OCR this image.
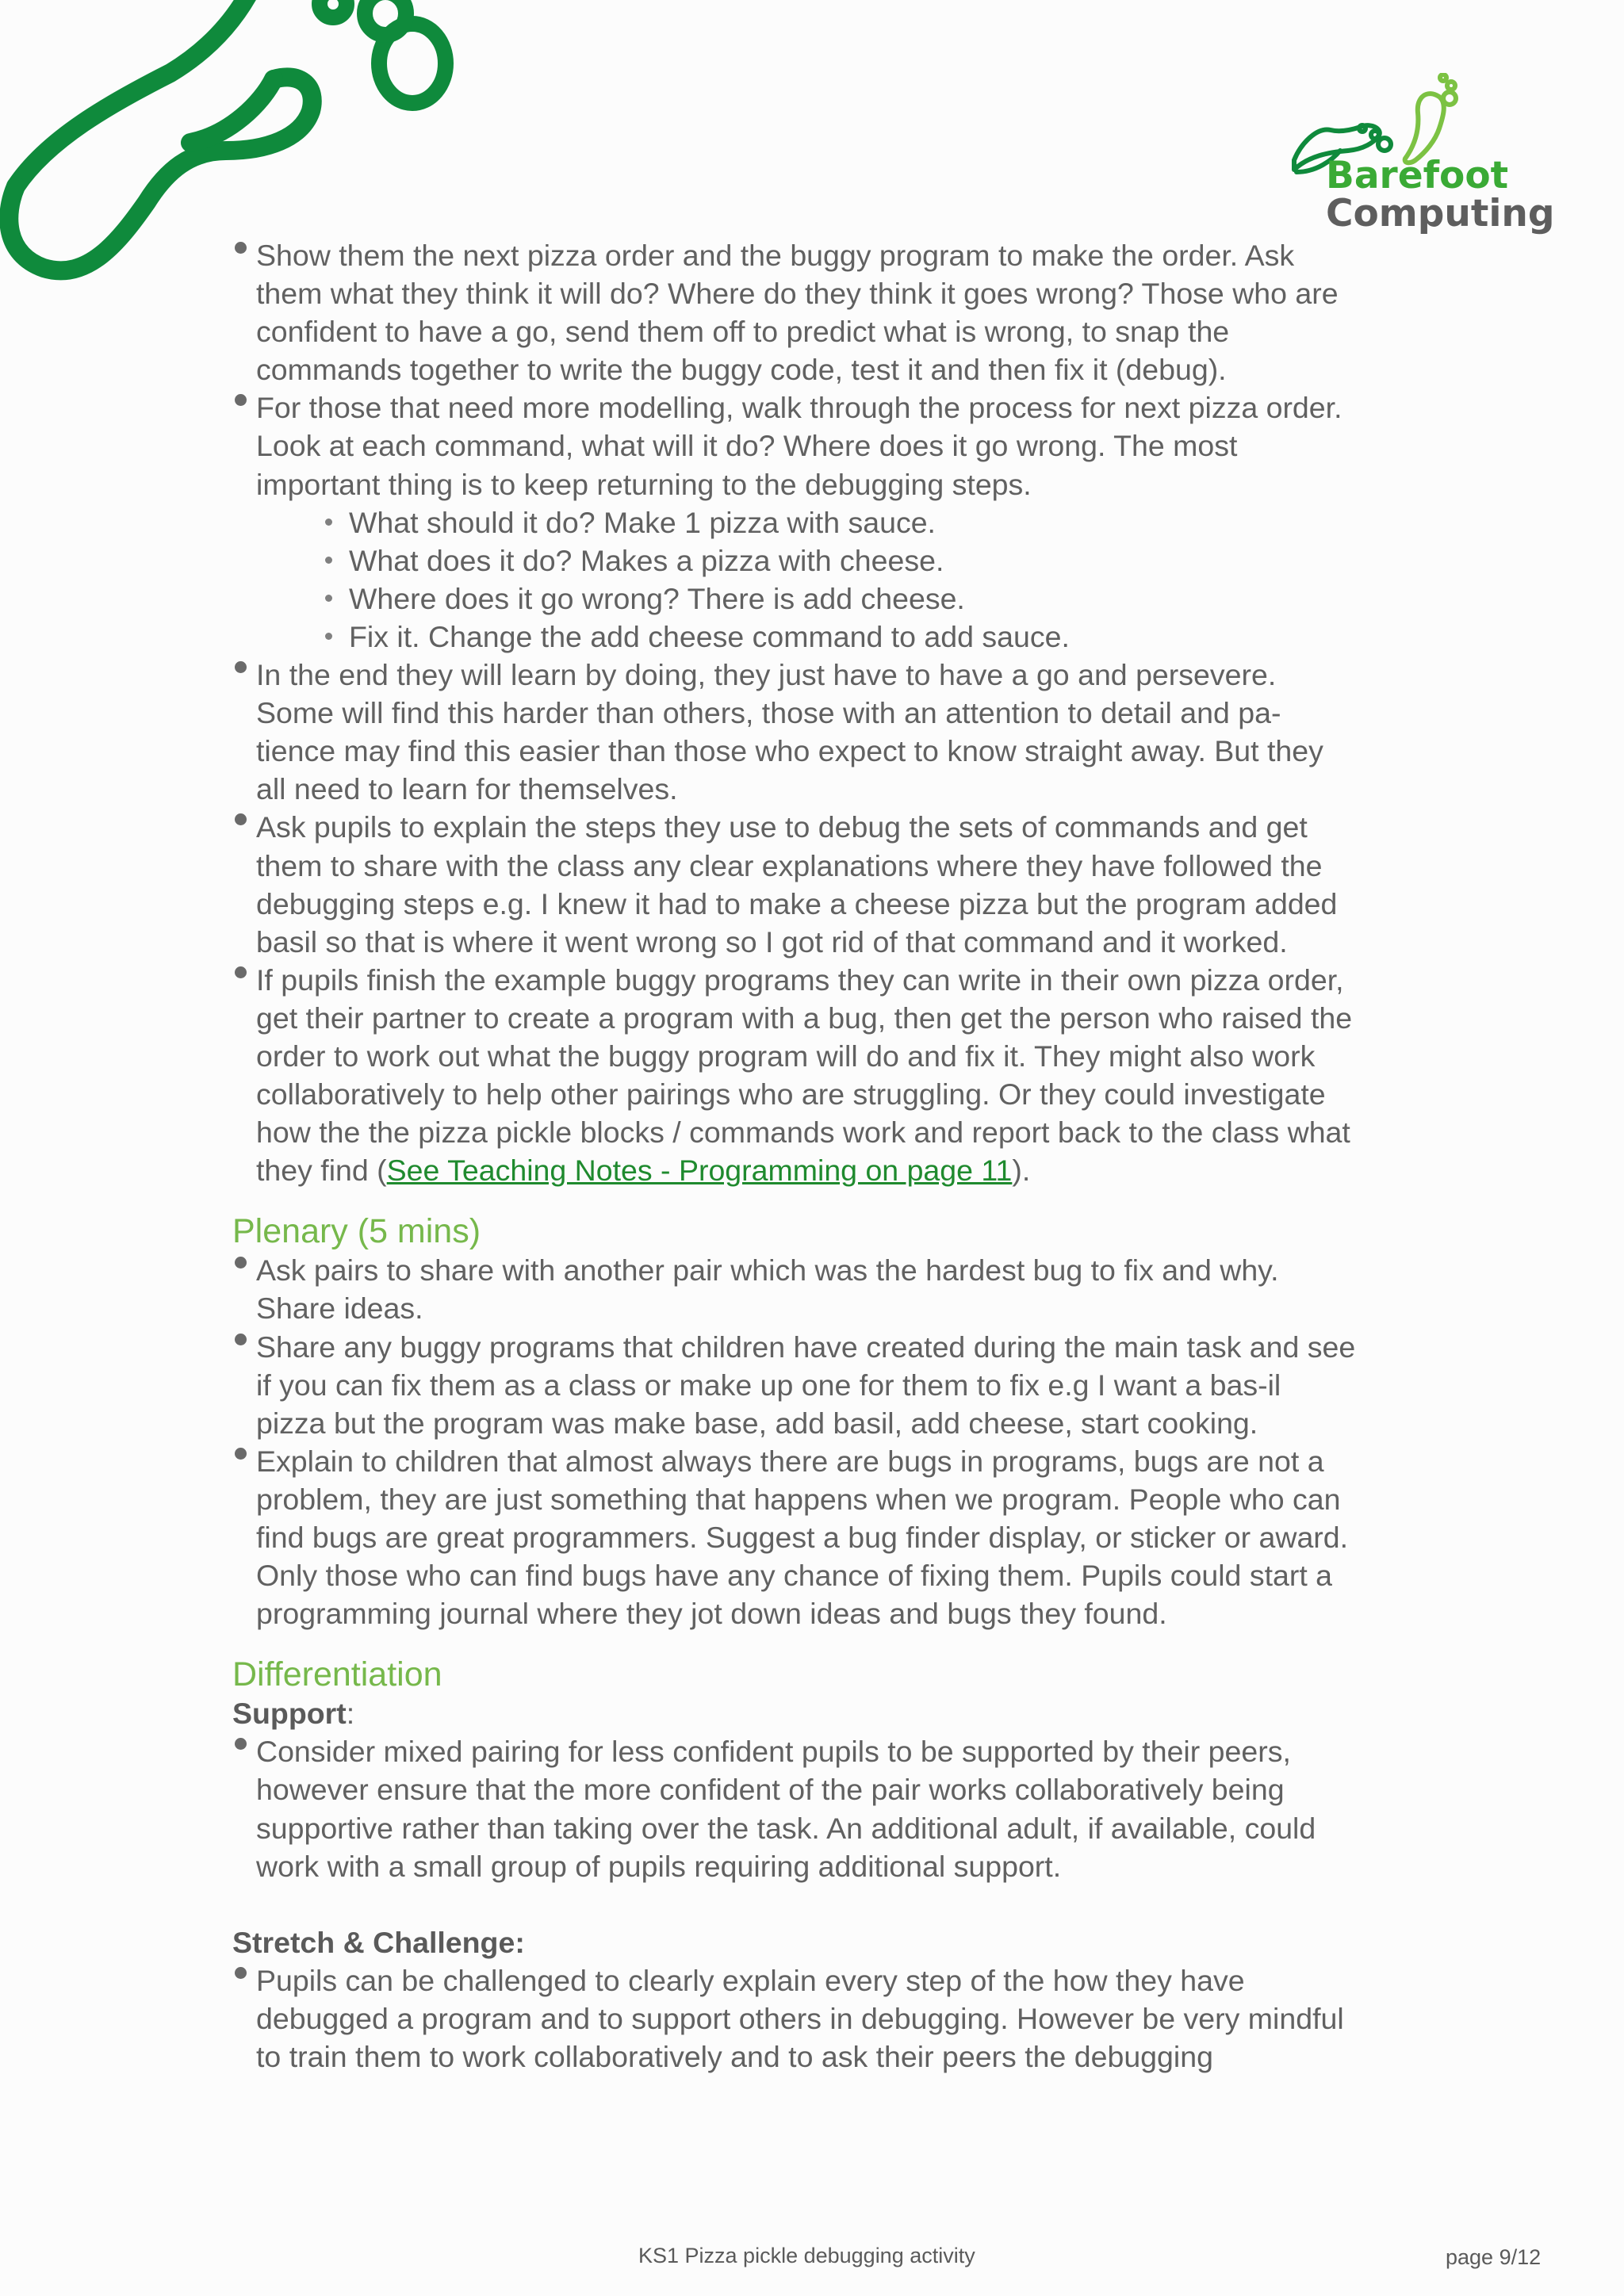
Barefoot
Computing
Show them the next pizza order and the buggy program to make the order. Ask them what they think it will do? Where do they think it goes wrong? Those who are confident to have a go, send them off to predict what is wrong, to snap the commands together to write the buggy code, test it and then fix it (debug).
For those that need more modelling, walk through the process for next pizza order. Look at each command, what will it do? Where does it go wrong. The most important thing is to keep returning to the debugging steps.
What should it do? Make 1 pizza with sauce.
What does it do? Makes a pizza with cheese.
Where does it go wrong? There is add cheese.
Fix it. Change the add cheese command to add sauce.
In the end they will learn by doing, they just have to have a go and persevere. Some will find this harder than others, those with an attention to detail and pa-tience may find this easier than those who expect to know straight away. But they all need to learn for themselves.
Ask pupils to explain the steps they use to debug the sets of commands and get them to share with the class any clear explanations where they have followed the debugging steps e.g. I knew it had to make a cheese pizza but the program added basil so that is where it went wrong so I got rid of that command and it worked.
If pupils finish the example buggy programs they can write in their own pizza order, get their partner to create a program with a bug, then get the person who raised the order to work out what the buggy program will do and fix it. They might also work collaboratively to help other pairings who are struggling. Or they could investigate how the the pizza pickle blocks / commands work and report back to the class what they find (See Teaching Notes - Programming on page 11).
Plenary (5 mins)
Ask pairs to share with another pair which was the hardest bug to fix and why. Share ideas.
Share any buggy programs that children have created during the main task and see if you can fix them as a class or make up one for them to fix e.g I want a bas-il pizza but the program was make base, add basil, add cheese, start cooking.
Explain to children that almost always there are bugs in programs, bugs are not a problem, they are just something that happens when we program. People who can find bugs are great programmers. Suggest a bug finder display, or sticker or award. Only those who can find bugs have any chance of fixing them. Pupils could start a programming journal where they jot down ideas and bugs they found.
Differentiation
Support:
Consider mixed pairing for less confident pupils to be supported by their peers, however ensure that the more confident of the pair works collaboratively being supportive rather than taking over the task. An additional adult, if available, could work with a small group of pupils requiring additional support.
Stretch & Challenge:
Pupils can be challenged to clearly explain every step of the how they have debugged a program and to support others in debugging. However be very mindful to train them to work collaboratively and to ask their peers the debugging
KS1 Pizza pickle debugging activity	page 9/12
